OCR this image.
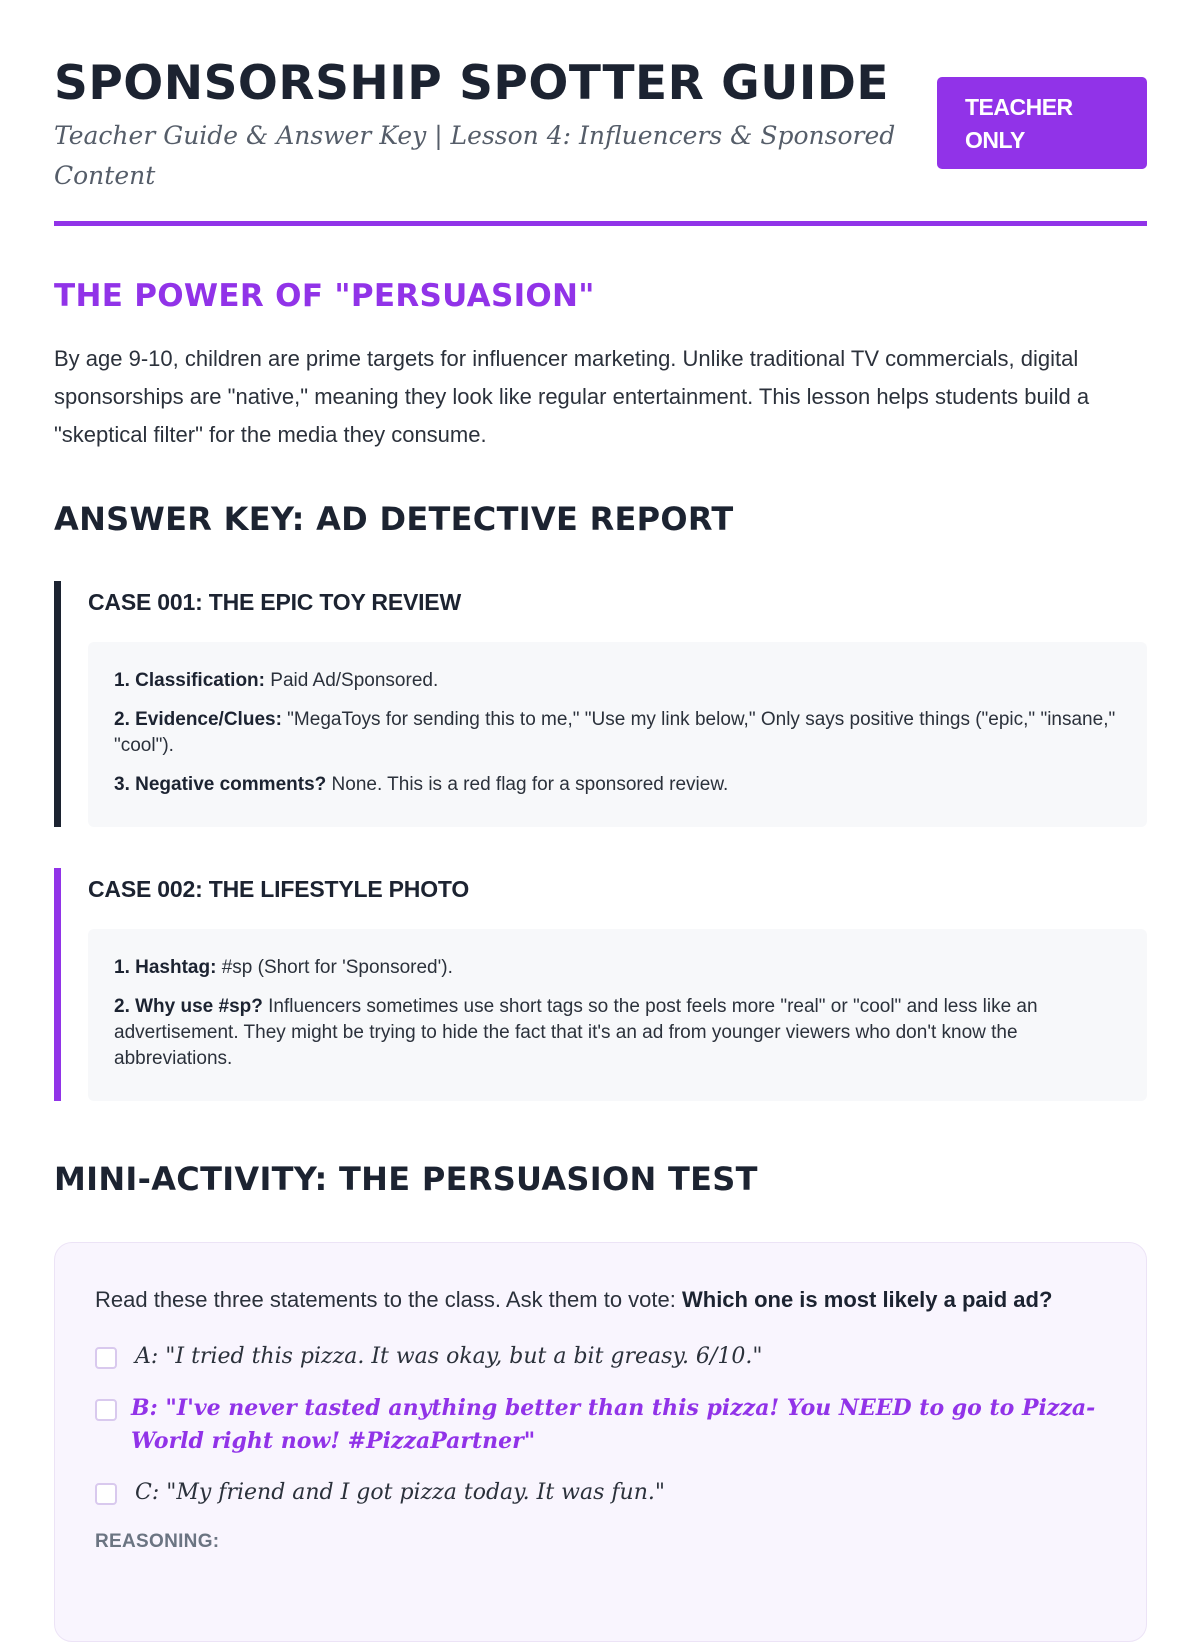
SPONSORSHIP SPOTTER GUIDE

Teacher Guide & Answer Key | Lesson 4: Influencers & Sponsored Content

TEACHER ONLY
THE POWER OF "PERSUASION"

By age 9-10, children are prime targets for influencer marketing. Unlike traditional TV commercials, digital sponsorships are "native," meaning they look like regular entertainment. This lesson helps students build a "skeptical filter" for the media they consume.

ANSWER KEY: AD DETECTIVE REPORT
CASE 001: THE EPIC TOY REVIEW

1. Classification: Paid Ad/Sponsored.

2. Evidence/Clues: "MegaToys for sending this to me," "Use my link below," Only says positive things ("epic," "insane," "cool").

3. Negative comments? None. This is a red flag for a sponsored review.

CASE 002: THE LIFESTYLE PHOTO

1. Hashtag: #sp (Short for 'Sponsored').

2. Why use #sp? Influencers sometimes use short tags so the post feels more "real" or "cool" and less like an advertisement. They might be trying to hide the fact that it's an ad from younger viewers who don't know the abbreviations.

MINI-ACTIVITY: THE PERSUASION TEST

Read these three statements to the class. Ask them to vote: Which one is most likely a paid ad?

A: "I tried this pizza. It was okay, but a bit greasy. 6/10."
B: "I've never tasted anything better than this pizza! You NEED to go to Pizza-World right now! #PizzaPartner"
C: "My friend and I got pizza today. It was fun."
REASONING:
